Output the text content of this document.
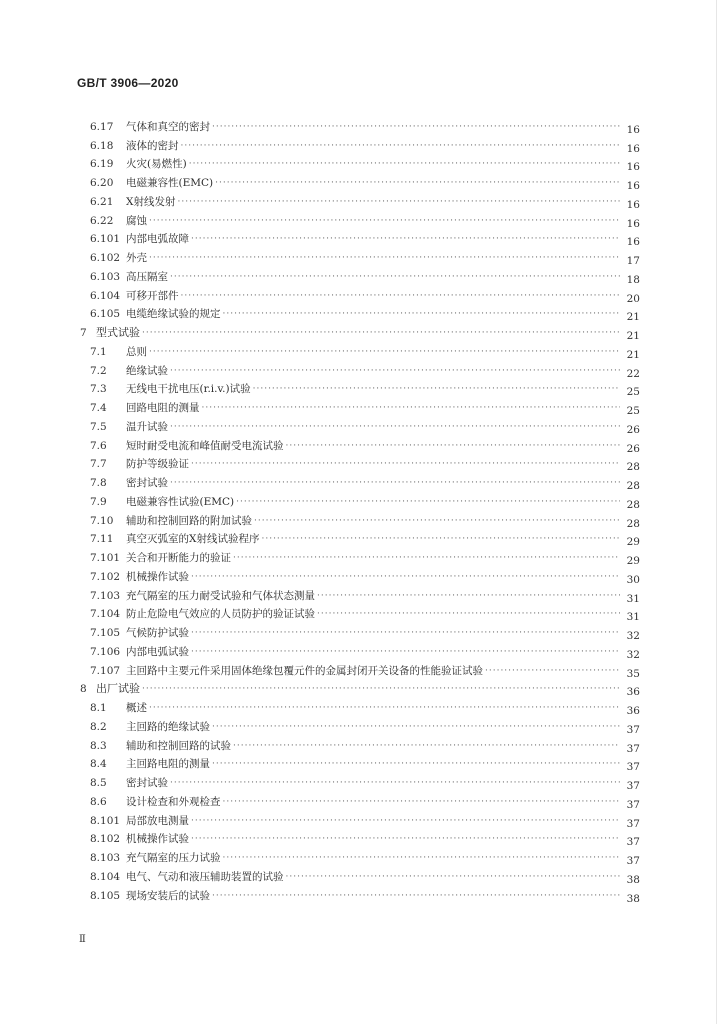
GB/T 3906—2020
6.17	气体和真空的密封 ·····	16
6.18	液体的密封 ·····	16
6.19	火灾(易燃性) ·····	16
6.20	电磁兼容性(EMC) ·····	16
6.21	X射线发射 ·····	16
6.22	腐蚀 ·····	16
6.101 内部电弧故障 ·····	16
6.102 外壳 ·····	17
6.103 高压隔室 ·····	18
6.104 可移开部件 ·····	20
6.105 电缆绝缘试验的规定 ·····	21
7 型式试验 ·····	21
7.1	总则 ·····	21
7.2	绝缘试验 ·····	22
7.3	无线电干扰电压(r.i.v.)试验 ·····	25
7.4	回路电阻的测量 ·····	25
7.5	温升试验 ·····	26
7.6	短时耐受电流和峰值耐受电流试验 ·····	26
7.7	防护等级验证 ·····	28
7.8	密封试验 ·····	28
7.9	电磁兼容性试验(EMC) ·····	28
7.10	辅助和控制回路的附加试验 ·····	28
7.11	真空灭弧室的X射线试验程序 ·····	29
7.101 关合和开断能力的验证 ·····	29
7.102 机械操作试验 ·····	30
7.103 充气隔室的压力耐受试验和气体状态测量 ·····	31
7.104 防止危险电气效应的人员防护的验证试验 ·····	31
7.105 气候防护试验 ·····	32
7.106 内部电弧试验 ·····	32
7.107 主回路中主要元件采用固体绝缘包覆元件的金属封闭开关设备的性能验证试验 ·····	35
8 出厂试验 ·····	36
8.1	概述 ·····	36
8.2	主回路的绝缘试验 ·····	37
8.3	辅助和控制回路的试验 ·····	37
8.4	主回路电阻的测量 ·····	37
8.5	密封试验 ·····	37
8.6	设计检查和外观检查 ·····	37
8.101 局部放电测量 ·····	37
8.102 机械操作试验 ·····	37
8.103 充气隔室的压力试验 ·····	37
8.104 电气、气动和液压辅助装置的试验 ·····	38
8.105 现场安装后的试验 ·····	38
Ⅱ
